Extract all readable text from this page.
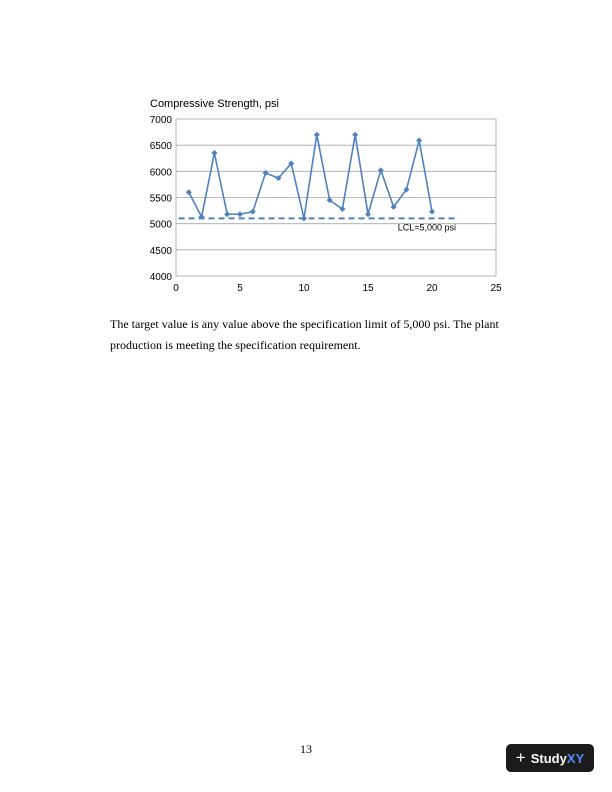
Compressive Strength, psi
4000
4500
5000
5500
6000
6500
7000
0	5	10	15	20	25
LCL=5,000 psi

The target value is any value above the specification limit of 5,000 psi. The plant production is meeting the specification requirement.

13	+ StudyXY
